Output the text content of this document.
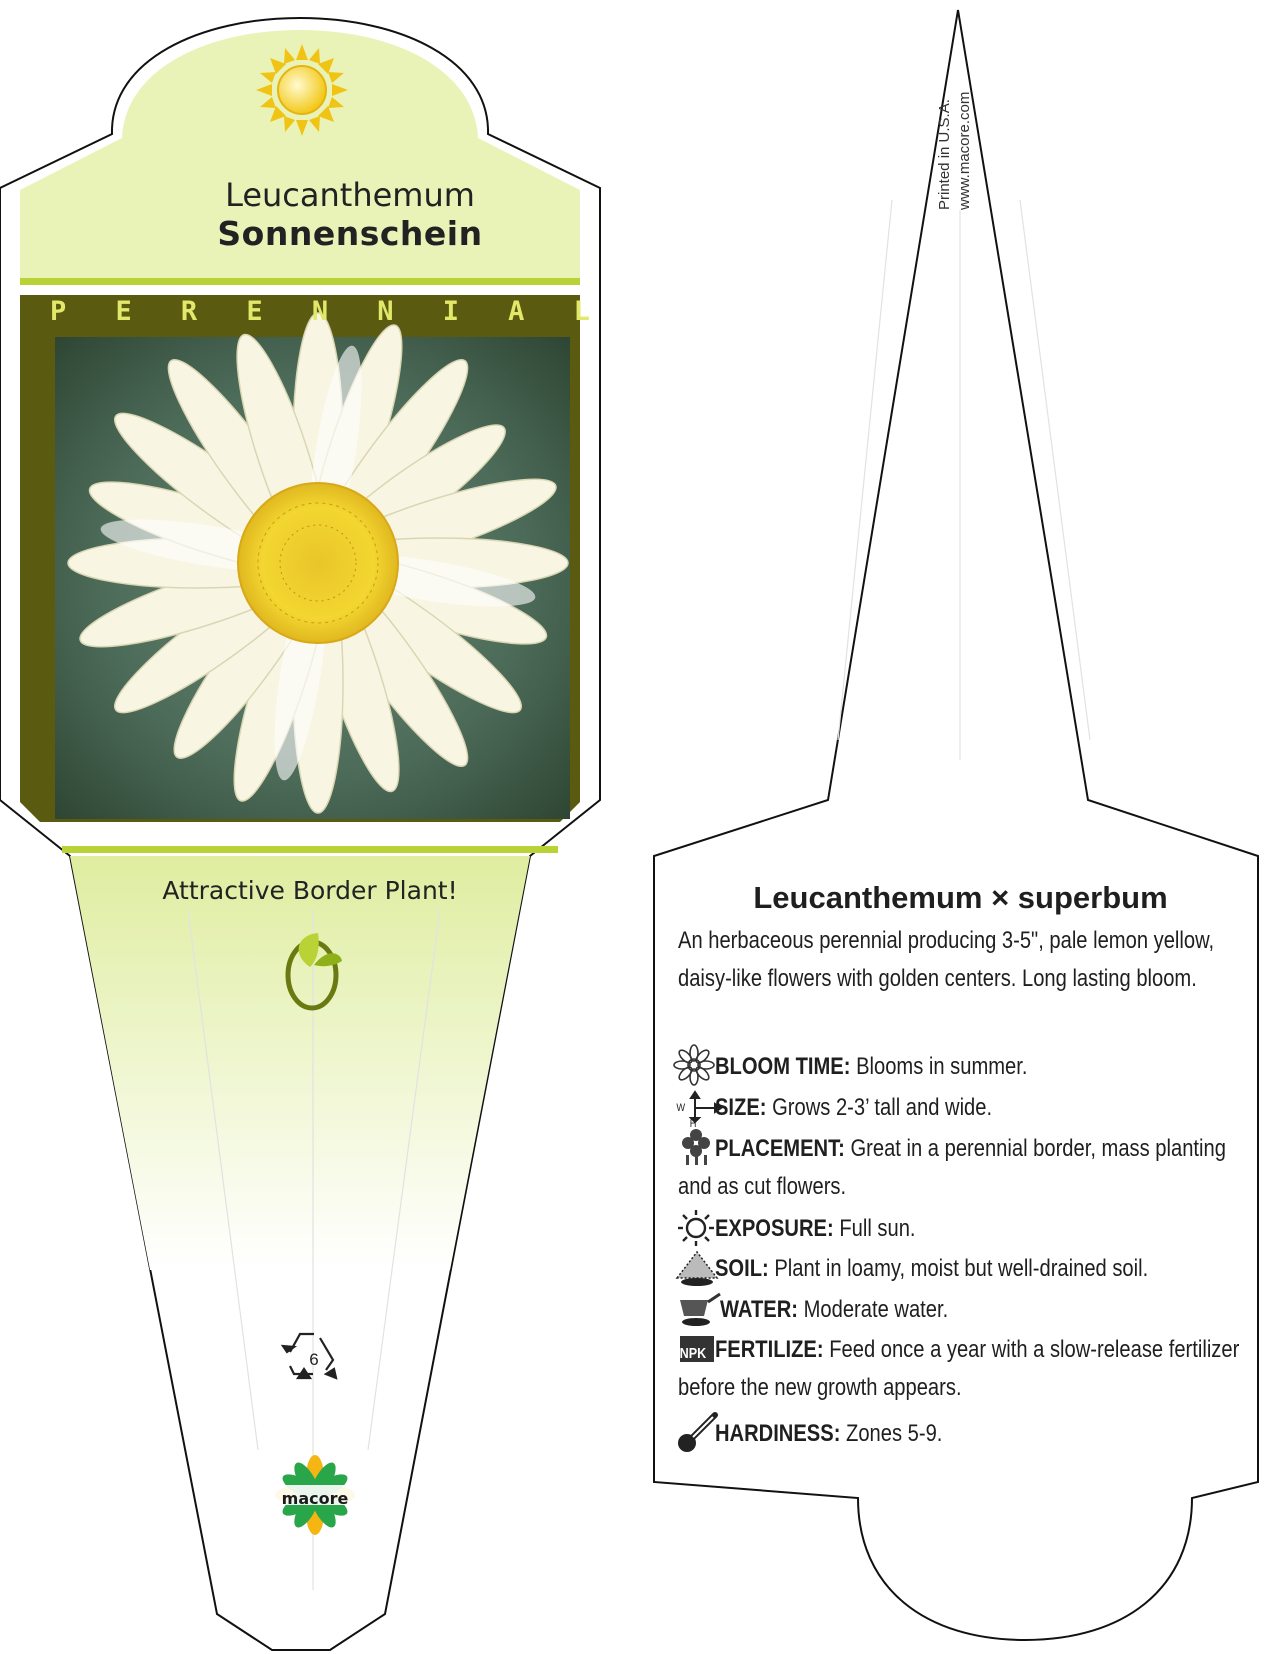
Leucanthemum
Sonnenschein
P E R E N N I A L
Attractive Border Plant!
6
macore
Printed in U.S.A. www.macore.com
Leucanthemum × superbum
An herbaceous perennial producing 3-5", pale lemon yellow, daisy-like flowers with golden centers. Long lasting bloom.
BLOOM TIME: Blooms in summer.
W
H
SIZE: Grows 2-3’ tall and wide.
PLACEMENT: Great in a perennial border, mass planting and as cut flowers.
EXPOSURE: Full sun.
SOIL: Plant in loamy, moist but well-drained soil.
WATER: Moderate water.
NPK FERTILIZE: Feed once a year with a slow-release fertilizer before the new growth appears.
HARDINESS: Zones 5-9.
